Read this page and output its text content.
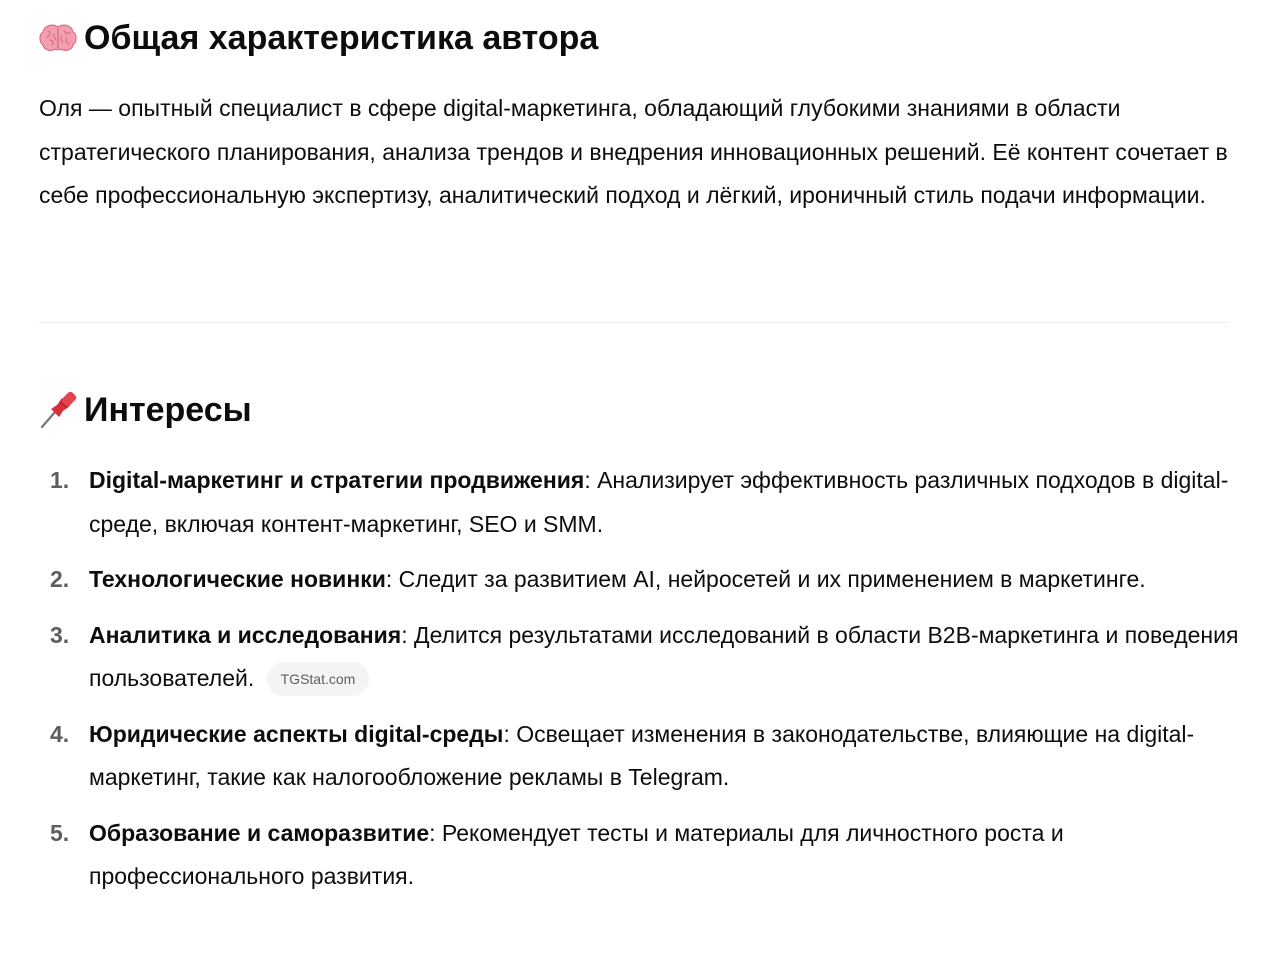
Общая характеристика автора

Оля — опытный специалист в сфере digital-маркетинга, обладающий глубокими знаниями в области стратегического планирования, анализа трендов и внедрения инновационных решений. Её контент сочетает в себе профессиональную экспертизу, аналитический подход и лёгкий, ироничный стиль подачи информации.

Интересы
1. Digital-маркетинг и стратегии продвижения: Анализирует эффективность различных подходов в digital-среде, включая контент-маркетинг, SEO и SMM.
2. Технологические новинки: Следит за развитием AI, нейросетей и их применением в маркетинге.
3. Аналитика и исследования: Делится результатами исследований в области B2B-маркетинга и поведения пользователей. TGStat.com
4. Юридические аспекты digital-среды: Освещает изменения в законодательстве, влияющие на digital-маркетинг, такие как налогообложение рекламы в Telegram.
5. Образование и саморазвитие: Рекомендует тесты и материалы для личностного роста и профессионального развития.
